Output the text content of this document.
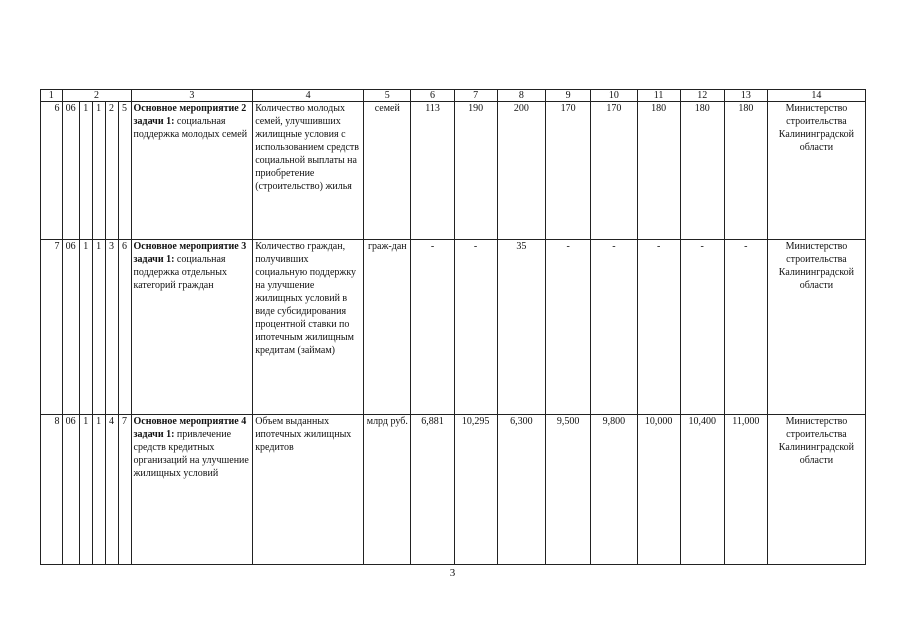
1	2					3	4	5	6	7	8	9	10	11	12	13	14
6	06	1	1	2	5	Основное мероприятие 2 задачи 1: социальная поддержка молодых семей	Количество молодых семей, улучшивших жилищные условия с использованием средств социальной выплаты на приобретение (строительство) жилья	семей	113	190	200	170	170	180	180	180	Министерство строительства Калининградской области
7	06	1	1	3	6	Основное мероприятие 3 задачи 1: социальная поддержка отдельных категорий граждан	Количество граждан, получивших социальную поддержку на улучшение жилищных условий в виде субсидирования процентной ставки по ипотечным жилищным кредитам (займам)	граж-дан	-	-	35	-	-	-	-	-	Министерство строительства Калининградской области
8	06	1	1	4	7	Основное мероприятие 4 задачи 1: привлечение средств кредитных организаций на улучшение жилищных условий	Объем выданных ипотечных жилищных кредитов	млрд руб.	6,881	10,295	6,300	9,500	9,800	10,000	10,400	11,000	Министерство строительства Калининградской области
3
